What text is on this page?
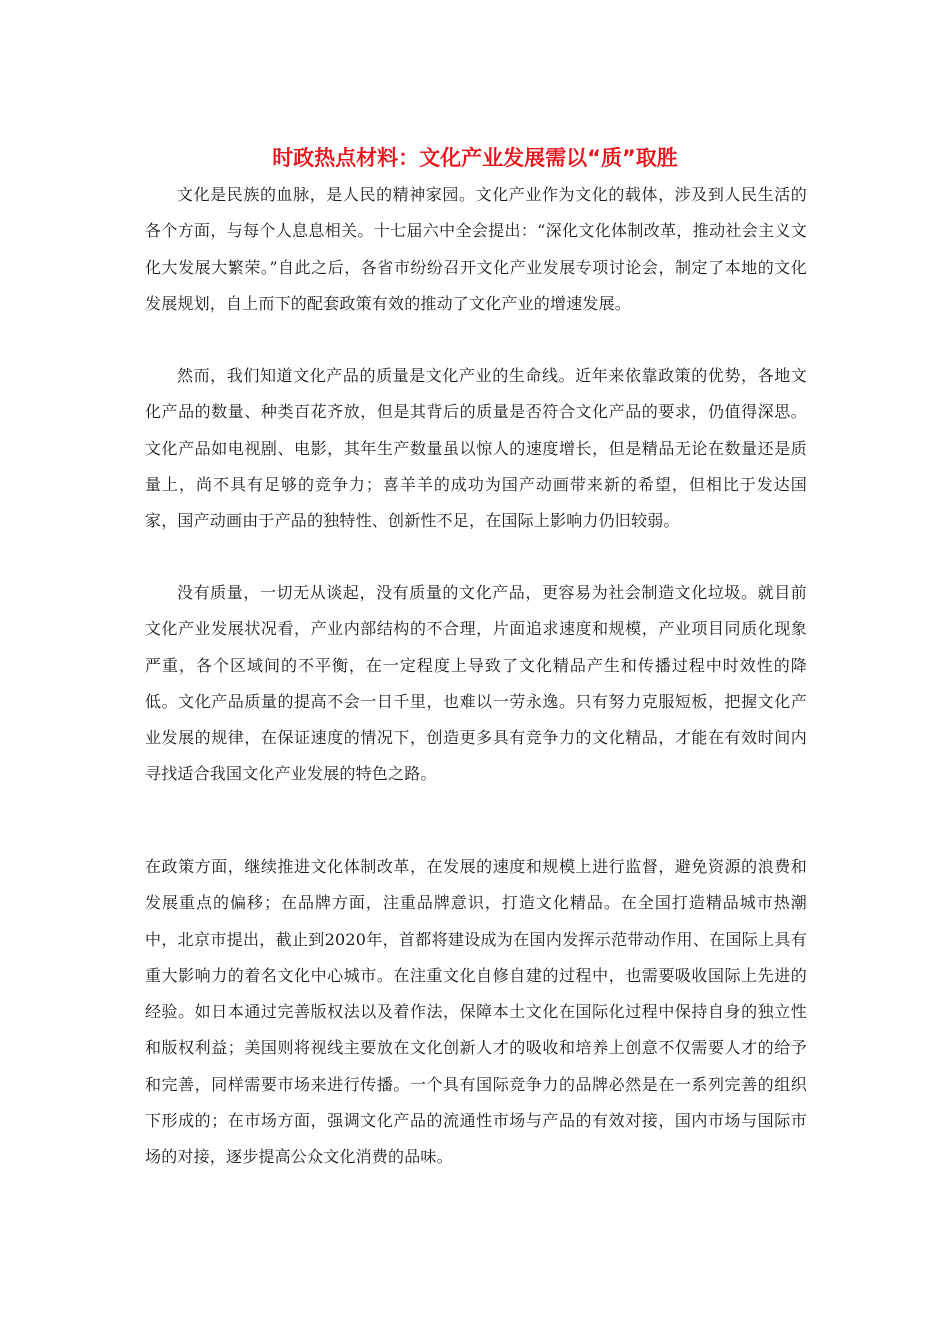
时政热点材料：文化产业发展需以“质”取胜

文化是民族的血脉，是人民的精神家园。文化产业作为文化的载体，涉及到人民生活的各个方面，与每个人息息相关。十七届六中全会提出：“深化文化体制改革，推动社会主义文化大发展大繁荣。”自此之后，各省市纷纷召开文化产业发展专项讨论会，制定了本地的文化发展规划，自上而下的配套政策有效的推动了文化产业的增速发展。

然而，我们知道文化产品的质量是文化产业的生命线。近年来依靠政策的优势，各地文化产品的数量、种类百花齐放，但是其背后的质量是否符合文化产品的要求，仍值得深思。文化产品如电视剧、电影，其年生产数量虽以惊人的速度增长，但是精品无论在数量还是质量上，尚不具有足够的竞争力；喜羊羊的成功为国产动画带来新的希望，但相比于发达国家，国产动画由于产品的独特性、创新性不足，在国际上影响力仍旧较弱。

没有质量，一切无从谈起，没有质量的文化产品，更容易为社会制造文化垃圾。就目前文化产业发展状况看，产业内部结构的不合理，片面追求速度和规模，产业项目同质化现象严重，各个区域间的不平衡，在一定程度上导致了文化精品产生和传播过程中时效性的降低。文化产品质量的提高不会一日千里，也难以一劳永逸。只有努力克服短板，把握文化产业发展的规律，在保证速度的情况下，创造更多具有竞争力的文化精品，才能在有效时间内寻找适合我国文化产业发展的特色之路。

在政策方面，继续推进文化体制改革，在发展的速度和规模上进行监督，避免资源的浪费和发展重点的偏移；在品牌方面，注重品牌意识，打造文化精品。在全国打造精品城市热潮中，北京市提出，截止到2020年，首都将建设成为在国内发挥示范带动作用、在国际上具有重大影响力的着名文化中心城市。在注重文化自修自建的过程中，也需要吸收国际上先进的经验。如日本通过完善版权法以及着作法，保障本土文化在国际化过程中保持自身的独立性和版权利益；美国则将视线主要放在文化创新人才的吸收和培养上创意不仅需要人才的给予和完善，同样需要市场来进行传播。一个具有国际竞争力的品牌必然是在一系列完善的组织下形成的；在市场方面，强调文化产品的流通性市场与产品的有效对接，国内市场与国际市场的对接，逐步提高公众文化消费的品味。
